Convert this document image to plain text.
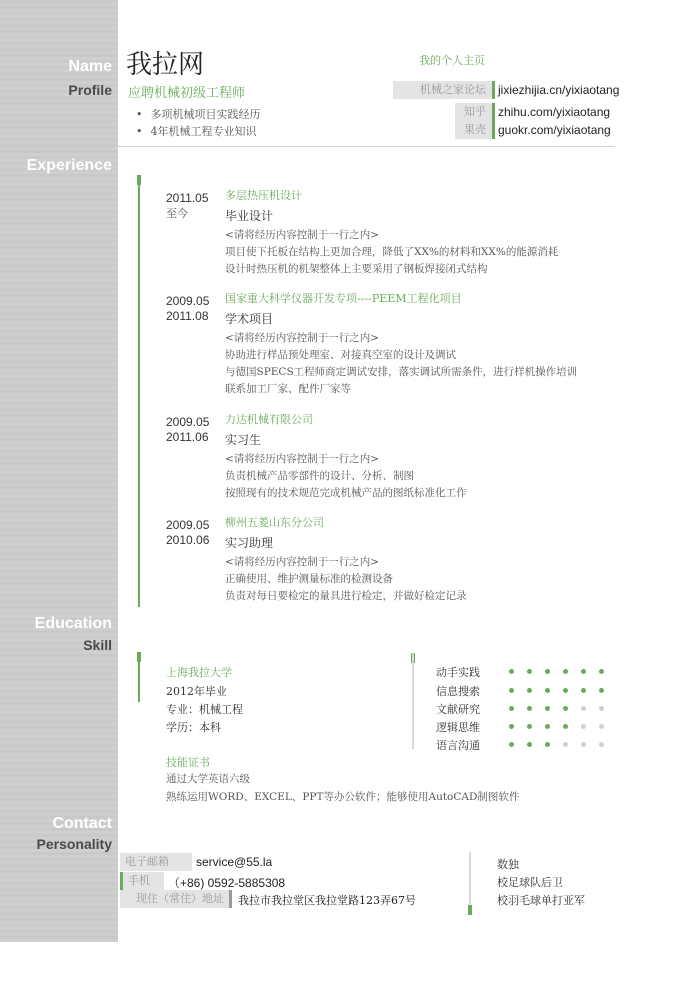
Name
Profile
Experience
Education
Skill
Contact
Personality
我拉网
应聘机械初级工程师
• 多项机械项目实践经历
• 4年机械工程专业知识
我的个人主页
机械之家论坛	jixiezhijia.cn/yixiaotang
知乎	zhihu.com/yixiaotang
果壳	guokr.com/yixiaotang
2011.05
至今
多层热压机设计
毕业设计
<请将经历内容控制于一行之内>
项目使下托板在结构上更加合理，降低了XX%的材料和XX%的能源消耗
设计时热压机的机架整体上主要采用了钢板焊接闭式结构
2009.05
2011.08
国家重大科学仪器开发专项----PEEM工程化项目
学术项目
<请将经历内容控制于一行之内>
协助进行样品预处理室、对接真空室的设计及调试
与德国SPECS工程师商定调试安排，落实调试所需条件，进行样机操作培训
联系加工厂家、配件厂家等
2009.05
2011.06
力达机械有限公司
实习生
<请将经历内容控制于一行之内>
负责机械产品零部件的设计、分析、制图
按照现有的技术规范完成机械产品的图纸标准化工作
2009.05
2010.06
柳州五菱山东分公司
实习助理
<请将经历内容控制于一行之内>
正确使用、维护测量标准的检测设备
负责对每日要检定的量具进行检定，并做好检定记录
上海我拉大学
2012年毕业
专业：机械工程
学历：本科
技能证书
通过大学英语六级
熟练运用WORD、EXCEL、PPT等办公软件；能够使用AutoCAD制图软件
动手实践
信息搜索
文献研究
逻辑思维
语言沟通
电子邮箱	service@55.la
手机	（+86) 0592-5885308
现住（常住）地址	我拉市我拉堂区我拉堂路123弄67号
数独
校足球队后卫
校羽毛球单打亚军
